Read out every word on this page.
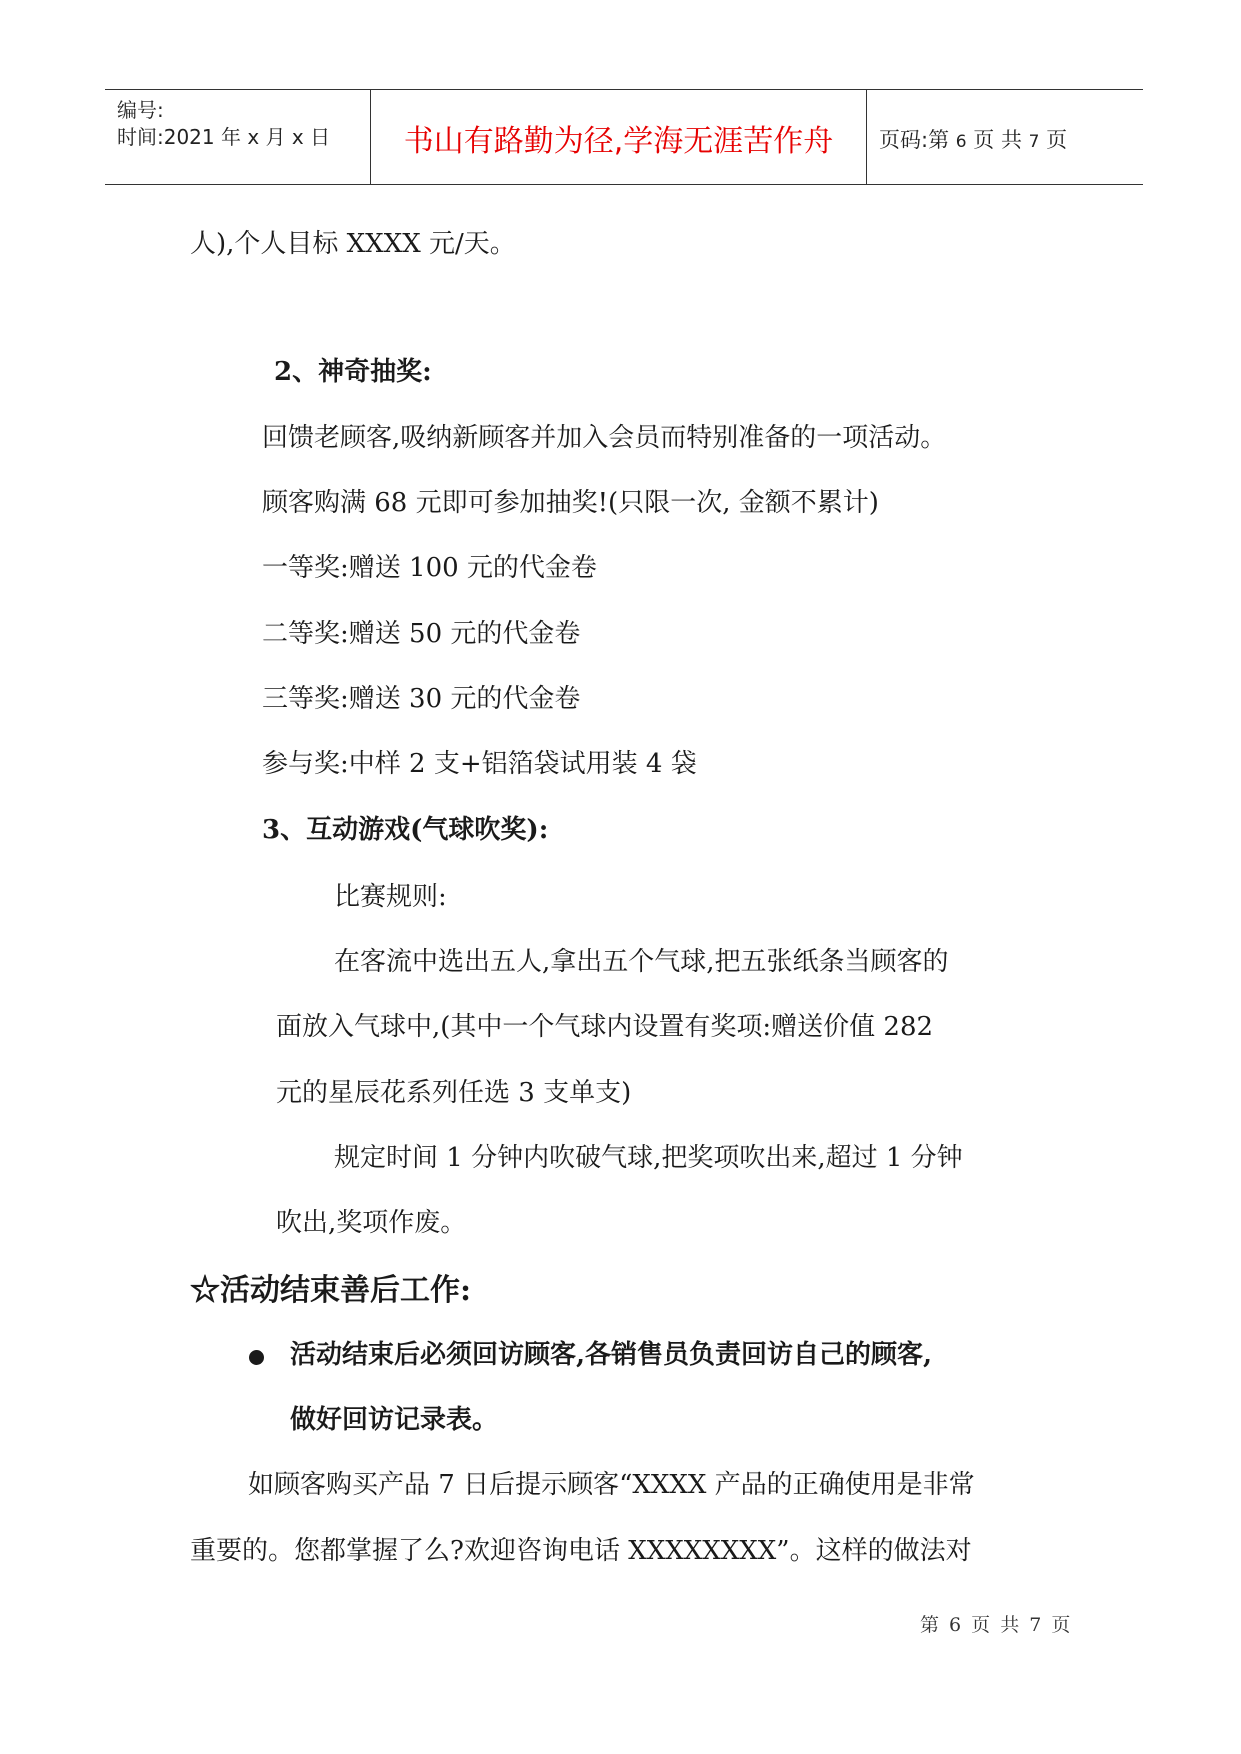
编号:
时间:2021 年 x 月 x 日	书山有路勤为径,学海无涯苦作舟	页码:第 6 页 共 7 页
人),个人目标 XXXX 元/天。
2、神奇抽奖:
回馈老顾客,吸纳新顾客并加入会员而特别准备的一项活动。
顾客购满 68 元即可参加抽奖!(只限一次, 金额不累计)
一等奖:赠送 100 元的代金卷
二等奖:赠送 50 元的代金卷
三等奖:赠送 30 元的代金卷
参与奖:中样 2 支+铝箔袋试用装 4 袋
3、互动游戏(气球吹奖):
比赛规则:
在客流中选出五人,拿出五个气球,把五张纸条当顾客的
面放入气球中,(其中一个气球内设置有奖项:赠送价值 282
元的星辰花系列任选 3 支单支)
规定时间 1 分钟内吹破气球,把奖项吹出来,超过 1 分钟
吹出,奖项作废。
☆活动结束善后工作:
活动结束后必须回访顾客,各销售员负责回访自己的顾客,
做好回访记录表。
如顾客购买产品 7 日后提示顾客“XXXX 产品的正确使用是非常
重要的。您都掌握了么?欢迎咨询电话 XXXXXXXX”。这样的做法对
第 6 页 共 7 页
